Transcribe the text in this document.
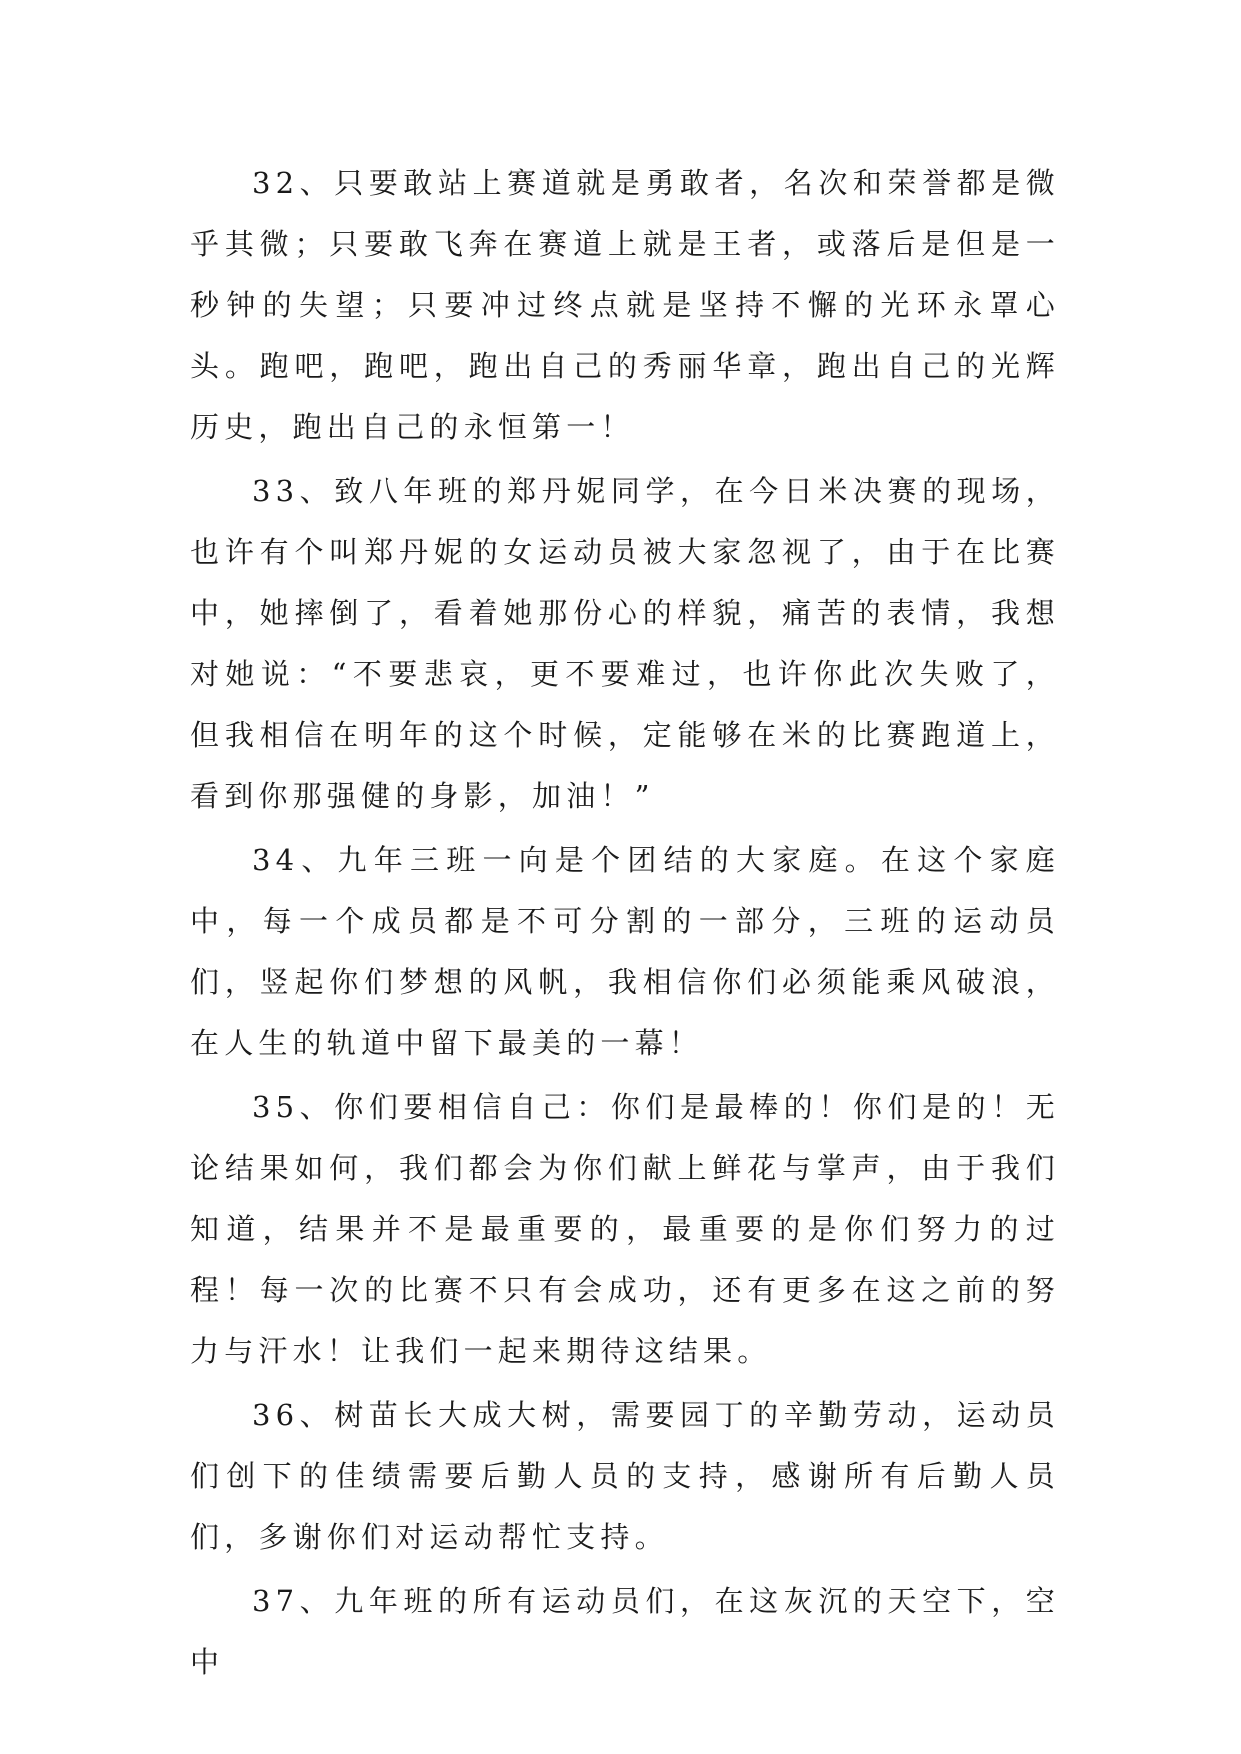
32、只要敢站上赛道就是勇敢者，名次和荣誉都是微乎其微；只要敢飞奔在赛道上就是王者，或落后是但是一秒钟的失望；只要冲过终点就是坚持不懈的光环永罩心头。跑吧，跑吧，跑出自己的秀丽华章，跑出自己的光辉历史，跑出自己的永恒第一！

33、致八年班的郑丹妮同学，在今日米决赛的现场，也许有个叫郑丹妮的女运动员被大家忽视了，由于在比赛中，她摔倒了，看着她那份心的样貌，痛苦的表情，我想对她说：“不要悲哀，更不要难过，也许你此次失败了，但我相信在明年的这个时候，定能够在米的比赛跑道上，看到你那强健的身影，加油！”

34、九年三班一向是个团结的大家庭。在这个家庭中，每一个成员都是不可分割的一部分，三班的运动员们，竖起你们梦想的风帆，我相信你们必须能乘风破浪，在人生的轨道中留下最美的一幕！

35、你们要相信自己：你们是最棒的！你们是的！无论结果如何，我们都会为你们献上鲜花与掌声，由于我们知道，结果并不是最重要的，最重要的是你们努力的过程！每一次的比赛不只有会成功，还有更多在这之前的努力与汗水！让我们一起来期待这结果。

36、树苗长大成大树，需要园丁的辛勤劳动，运动员们创下的佳绩需要后勤人员的支持，感谢所有后勤人员们，多谢你们对运动帮忙支持。

37、九年班的所有运动员们，在这灰沉的天空下，空中
